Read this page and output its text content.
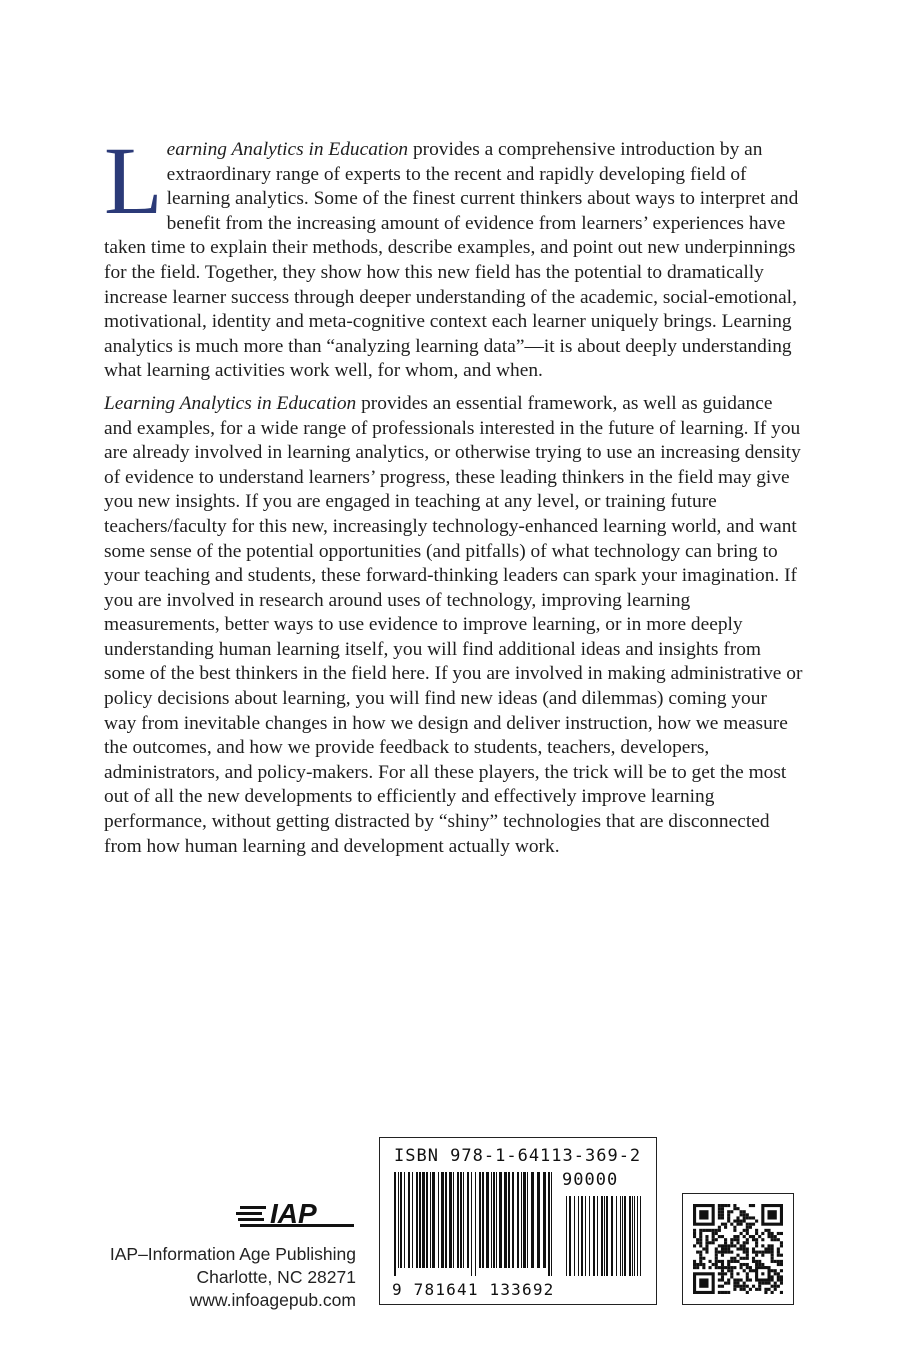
Learning Analytics in Education provides a comprehensive introduction by an extraordinary range of experts to the recent and rapidly developing field of learning analytics. Some of the finest current thinkers about ways to interpret and benefit from the increasing amount of evidence from learners’ experiences have taken time to explain their methods, describe examples, and point out new underpinnings for the field. Together, they show how this new field has the potential to dramatically increase learner success through deeper understanding of the academic, social-emotional, motivational, identity and meta-cognitive context each learner uniquely brings. Learning analytics is much more than “analyzing learning data”—it is about deeply understanding what learning activities work well, for whom, and when.

Learning Analytics in Education provides an essential framework, as well as guidance and examples, for a wide range of professionals interested in the future of learning. If you are already involved in learning analytics, or otherwise trying to use an increasing density of evidence to understand learners’ progress, these leading thinkers in the field may give you new insights. If you are engaged in teaching at any level, or training future teachers/faculty for this new, increasingly technology-enhanced learning world, and want some sense of the potential opportunities (and pitfalls) of what technology can bring to your teaching and students, these forward-thinking leaders can spark your imagination. If you are involved in research around uses of technology, improving learning measurements, better ways to use evidence to improve learning, or in more deeply understanding human learning itself, you will find additional ideas and insights from some of the best thinkers in the field here. If you are involved in making administrative or policy decisions about learning, you will find new ideas (and dilemmas) coming your way from inevitable changes in how we design and deliver instruction, how we measure the outcomes, and how we provide feedback to students, teachers, developers, administrators, and policy-makers. For all these players, the trick will be to get the most out of all the new developments to efficiently and effectively improve learning performance, without getting distracted by “shiny” technologies that are disconnected from how human learning and development actually work.

IAP
IAP–Information Age Publishing
Charlotte, NC 28271
www.infoagepub.com
ISBN 978-1-64113-369-2
90000
9 781641 133692
